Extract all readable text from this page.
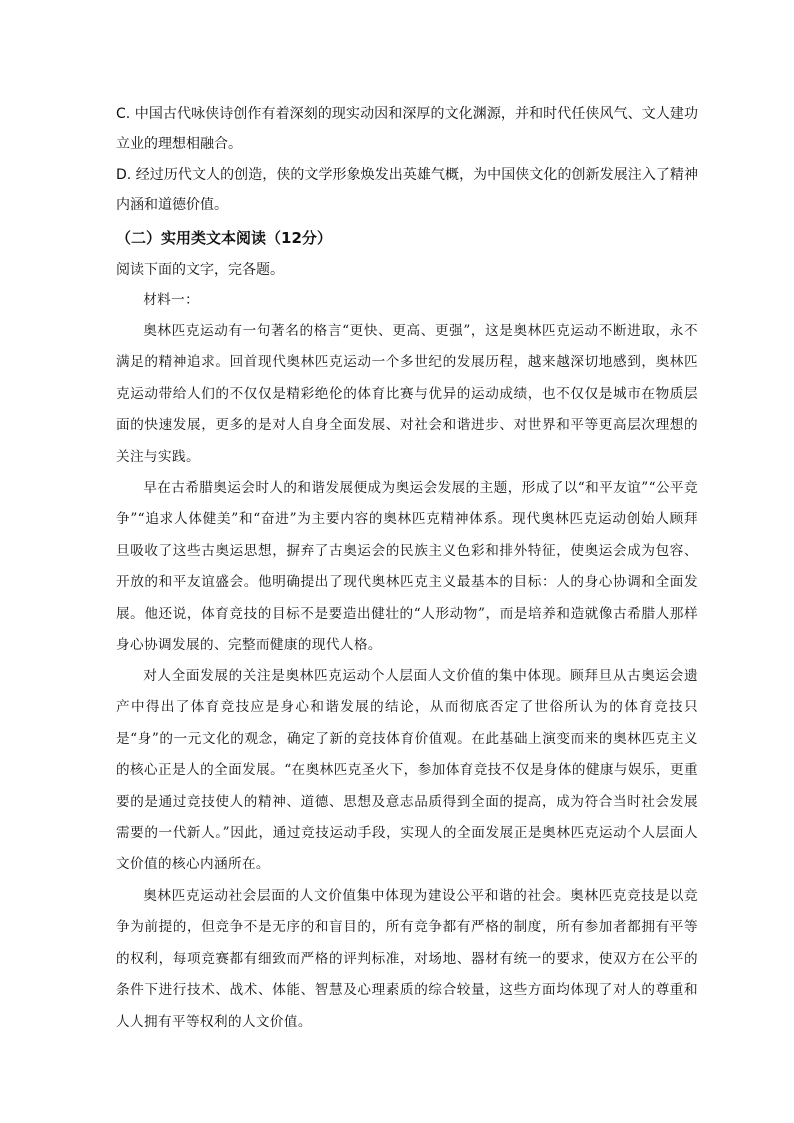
C. 中国古代咏侠诗创作有着深刻的现实动因和深厚的文化渊源，并和时代任侠风气、文人建功立业的理想相融合。

D. 经过历代文人的创造，侠的文学形象焕发出英雄气概，为中国侠文化的创新发展注入了精神内涵和道德价值。

（二）实用类文本阅读（12分）

阅读下面的文字，完各题。

材料一：

奥林匹克运动有一句著名的格言“更快、更高、更强”，这是奥林匹克运动不断进取，永不满足的精神追求。回首现代奥林匹克运动一个多世纪的发展历程，越来越深切地感到，奥林匹克运动带给人们的不仅仅是精彩绝伦的体育比赛与优异的运动成绩，也不仅仅是城市在物质层面的快速发展，更多的是对人自身全面发展、对社会和谐进步、对世界和平等更高层次理想的关注与实践。

早在古希腊奥运会时人的和谐发展便成为奥运会发展的主题，形成了以“和平友谊”“公平竞争”“追求人体健美”和“奋进”为主要内容的奥林匹克精神体系。现代奥林匹克运动创始人顾拜旦吸收了这些古奥运思想，摒弃了古奥运会的民族主义色彩和排外特征，使奥运会成为包容、开放的和平友谊盛会。他明确提出了现代奥林匹克主义最基本的目标：人的身心协调和全面发展。他还说，体育竞技的目标不是要造出健壮的“人形动物”，而是培养和造就像古希腊人那样身心协调发展的、完整而健康的现代人格。

对人全面发展的关注是奥林匹克运动个人层面人文价值的集中体现。顾拜旦从古奥运会遗产中得出了体育竞技应是身心和谐发展的结论，从而彻底否定了世俗所认为的体育竞技只是“身”的一元文化的观念，确定了新的竞技体育价值观。在此基础上演变而来的奥林匹克主义的核心正是人的全面发展。“在奥林匹克圣火下，参加体育竞技不仅是身体的健康与娱乐，更重要的是通过竞技使人的精神、道德、思想及意志品质得到全面的提高，成为符合当时社会发展需要的一代新人。”因此，通过竞技运动手段，实现人的全面发展正是奥林匹克运动个人层面人文价值的核心内涵所在。

奥林匹克运动社会层面的人文价值集中体现为建设公平和谐的社会。奥林匹克竞技是以竞争为前提的，但竞争不是无序的和盲目的，所有竞争都有严格的制度，所有参加者都拥有平等的权利，每项竞赛都有细致而严格的评判标准，对场地、器材有统一的要求，使双方在公平的条件下进行技术、战术、体能、智慧及心理素质的综合较量，这些方面均体现了对人的尊重和人人拥有平等权利的人文价值。
